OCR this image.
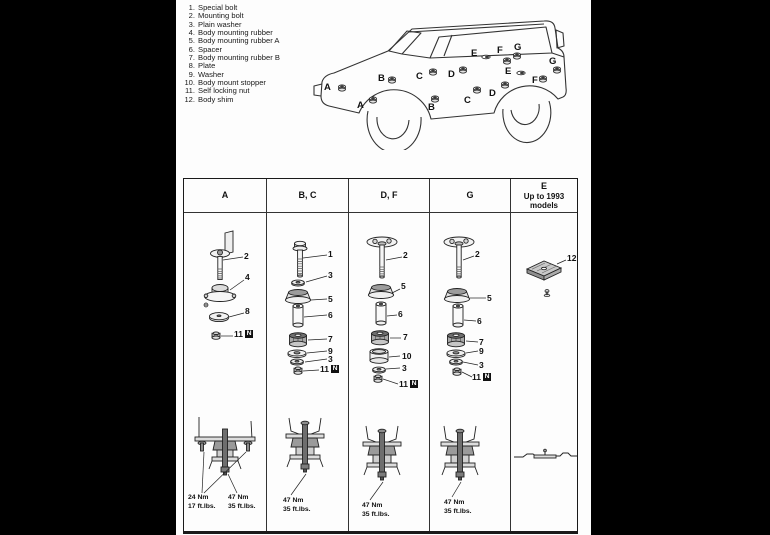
1. Special bolt
2. Mounting bolt
3. Plain washer
4. Body mounting rubber
5. Body mounting rubber A
6. Spacer
7. Body mounting rubber B
8. Plate
9. Washer
10. Body mount stopper
11. Self locking nut
12. Body shim
A
A
B
B
C
C
D
D
E
E
F
F
G
G
A
2
4
8
11 N
24 Nm
17 ft.lbs.
47 Nm
35 ft.lbs.
B, C
1
3
5
6
7
9
3
11 N
47 Nm
35 ft.lbs.
D, F
2
5
6
7
10
3
11 N
47 Nm
35 ft.lbs.
G
2
5
6
7
9
3
11 N
47 Nm
35 ft.lbs.
E
Up to 1993 models
12
